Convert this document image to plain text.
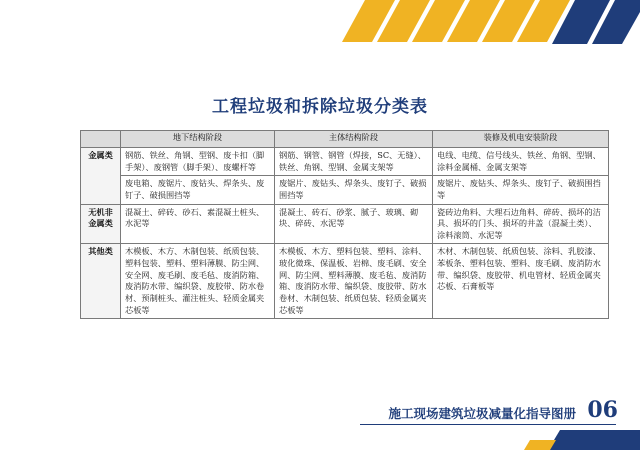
工程垃圾和拆除垃圾分类表
	地下结构阶段	主体结构阶段	装修及机电安装阶段
金属类	钢筋、铁丝、角钢、型钢、废卡扣（脚手架）、废钢管（脚手架）、废螺杆等	钢筋、钢管、钢管（焊接，SC、无缝）、铁丝、角钢、型钢、金属支架等	电线、电缆、信号线头、铁丝、角钢、型钢、涂料金属桶、金属支架等
	废电箱、废锯片、废钻头、焊条头、废钉子、破损围挡等	废锯片、废钻头、焊条头、废钉子、破损围挡等	废锯片、废钻头、焊条头、废钉子、破损围挡等
无机非金属类	混凝土、碎砖、砂石、素混凝土桩头、水泥等	混凝土、砖石、砂浆、腻子、玻璃、砌块、碎砖、水泥等	瓷砖边角料、大理石边角料、碎砖、损坏的洁具、损坏的门头、损坏的井盖（混凝土类）、涂料滚筒、水泥等
其他类	木模板、木方、木制包装、纸质包装、塑料包装、塑料、塑料薄膜、防尘网、安全网、废毛刷、废毛毡、废消防箱、废消防水带、编织袋、废胶带、防水卷材、预制桩头、灌注桩头、轻质金属夹芯板等	木模板、木方、塑料包装、塑料、涂料、玻化微珠、保温板、岩棉、废毛刷、安全网、防尘网、塑料薄膜、废毛毡、废消防箱、废消防水带、编织袋、废胶带、防水卷材、木制包装、纸质包装、轻质金属夹芯板等	木材、木制包装、纸质包装、涂料、乳胶漆、苯板条、塑料包装、塑料、废毛刷、废消防水带、编织袋、废胶带、机电管材、轻质金属夹芯板、石膏板等
施工现场建筑垃圾减量化指导图册 06
